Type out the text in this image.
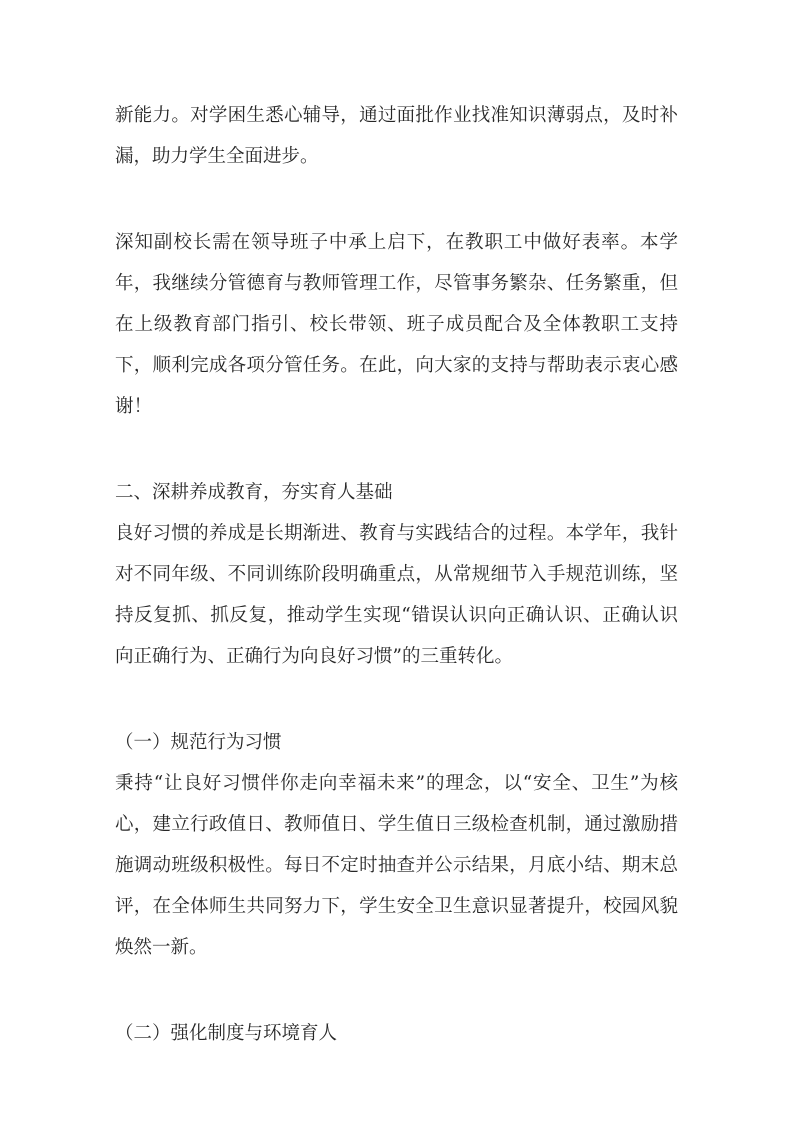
新能力。对学困生悉心辅导，通过面批作业找准知识薄弱点，及时补漏，助力学生全面进步。

深知副校长需在领导班子中承上启下，在教职工中做好表率。本学年，我继续分管德育与教师管理工作，尽管事务繁杂、任务繁重，但在上级教育部门指引、校长带领、班子成员配合及全体教职工支持下，顺利完成各项分管任务。在此，向大家的支持与帮助表示衷心感谢！

二、深耕养成教育，夯实育人基础

良好习惯的养成是长期渐进、教育与实践结合的过程。本学年，我针对不同年级、不同训练阶段明确重点，从常规细节入手规范训练，坚持反复抓、抓反复，推动学生实现“错误认识向正确认识、正确认识向正确行为、正确行为向良好习惯”的三重转化。

（一）规范行为习惯

秉持“让良好习惯伴你走向幸福未来”的理念，以“安全、卫生”为核心，建立行政值日、教师值日、学生值日三级检查机制，通过激励措施调动班级积极性。每日不定时抽查并公示结果，月底小结、期末总评，在全体师生共同努力下，学生安全卫生意识显著提升，校园风貌焕然一新。

（二）强化制度与环境育人
